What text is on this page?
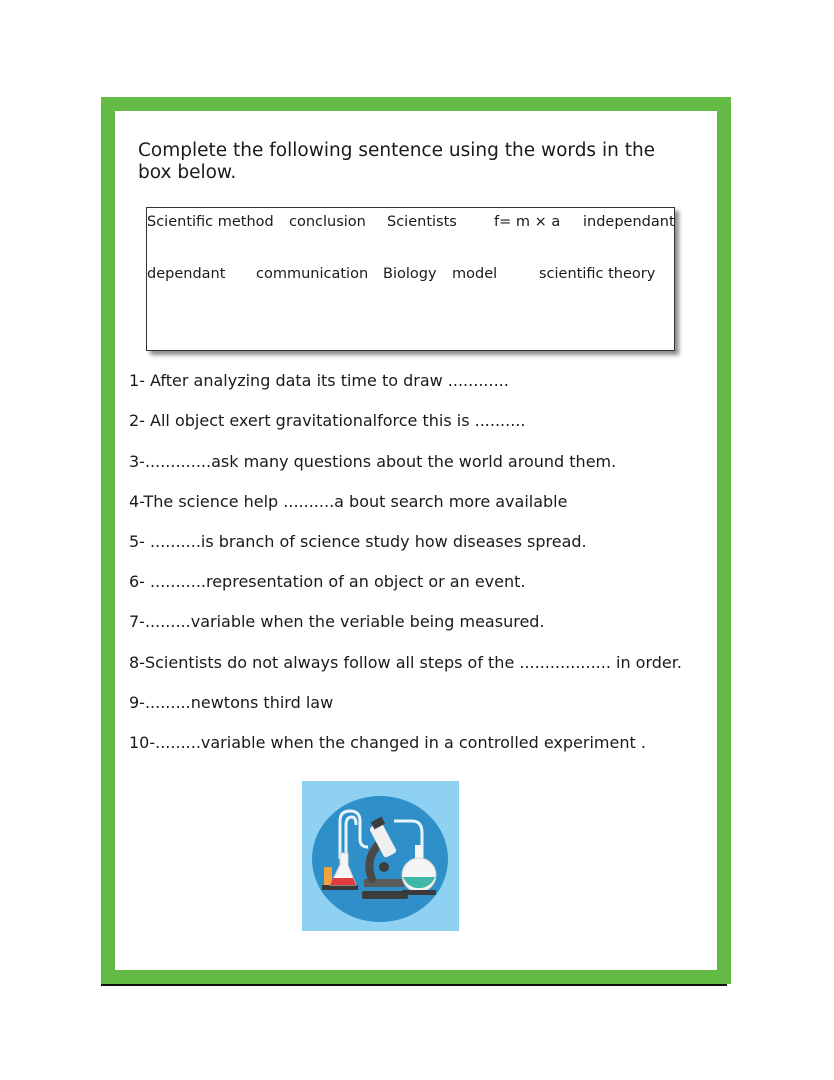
Complete the following sentence using the words in the box below.
Scientific method conclusion Scientists	f= m × a independant
dependant communication Biology model	scientific theory

1- After analyzing data its time to draw ............

2- All object exert gravitationalforce this is ..........

3-.............ask many questions about the world around them.

4-The science help ..........a bout search more available

5- ..........is branch of science study how diseases spread.

6- ...........representation of an object or an event.

7-.........variable when the veriable being measured.

8-Scientists do not always follow all steps of the .................. in order.

9-.........newtons third law

10-.........variable when the changed in a controlled experiment .
